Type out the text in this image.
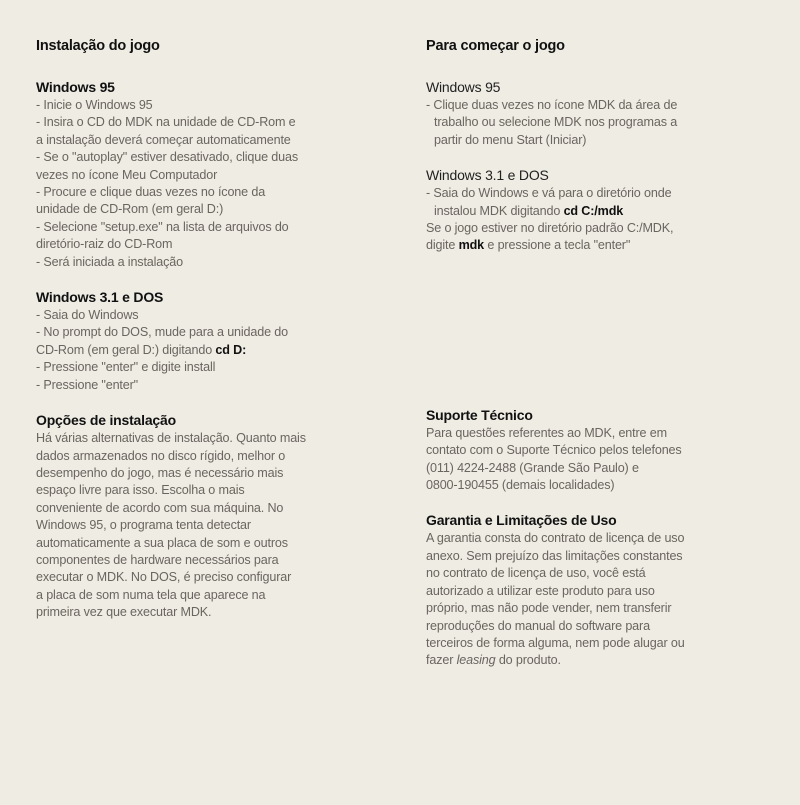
Instalação do jogo
Windows 95
- Inicie o Windows 95
- Insira o CD do MDK na unidade de CD-Rom e
a instalação deverá começar automaticamente
- Se o "autoplay" estiver desativado, clique duas
vezes no ícone Meu Computador
- Procure e clique duas vezes no ícone da
unidade de CD-Rom (em geral D:)
- Selecione "setup.exe" na lista de arquivos do
diretório-raiz do CD-Rom
- Será iniciada a instalação
Windows 3.1 e DOS
- Saia do Windows
- No prompt do DOS, mude para a unidade do
CD-Rom (em geral D:) digitando cd D:
- Pressione "enter" e digite install
- Pressione "enter"
Opções de instalação
Há várias alternativas de instalação. Quanto mais
dados armazenados no disco rígido, melhor o
desempenho do jogo, mas é necessário mais
espaço livre para isso. Escolha o mais
conveniente de acordo com sua máquina. No
Windows 95, o programa tenta detectar
automaticamente a sua placa de som e outros
componentes de hardware necessários para
executar o MDK. No DOS, é preciso configurar
a placa de som numa tela que aparece na
primeira vez que executar MDK.
Para começar o jogo
Windows 95
- Clique duas vezes no ícone MDK da área de
trabalho ou selecione MDK nos programas a
partir do menu Start (Iniciar)
Windows 3.1 e DOS
- Saia do Windows e vá para o diretório onde
instalou MDK digitando cd C:/mdk
Se o jogo estiver no diretório padrão C:/MDK,
digite mdk e pressione a tecla "enter"
Suporte Técnico
Para questões referentes ao MDK, entre em
contato com o Suporte Técnico pelos telefones
(011) 4224-2488 (Grande São Paulo) e
0800-190455 (demais localidades)
Garantia e Limitações de Uso
A garantia consta do contrato de licença de uso
anexo. Sem prejuízo das limitações constantes
no contrato de licença de uso, você está
autorizado a utilizar este produto para uso
próprio, mas não pode vender, nem transferir
reproduções do manual do software para
terceiros de forma alguma, nem pode alugar ou
fazer leasing do produto.
